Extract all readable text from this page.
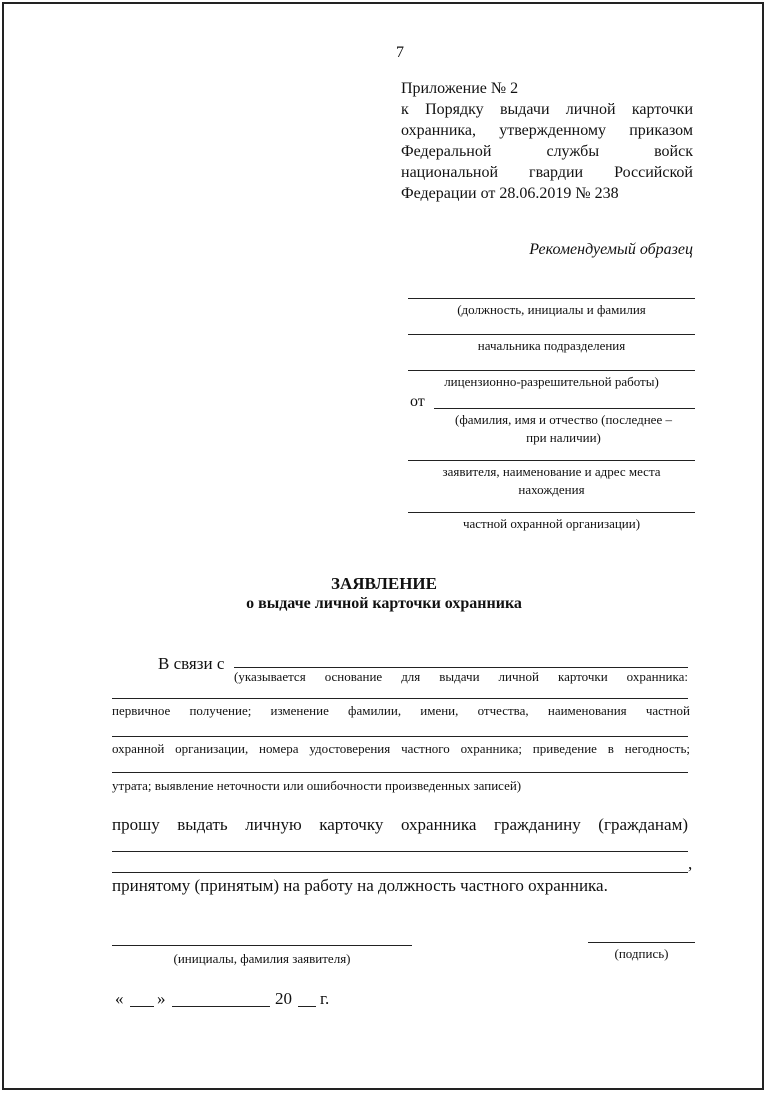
7
Приложение № 2
к Порядку выдачи личной карточки
охранника, утвержденному приказом
Федеральной службы войск
национальной гвардии Российской
Федерации от 28.06.2019 № 238
Рекомендуемый образец
(должность, инициалы и фамилия
начальника подразделения
лицензионно-разрешительной работы)
от
(фамилия, имя и отчество (последнее –
при наличии)
заявителя, наименование и адрес места
нахождения
частной охранной организации)
ЗАЯВЛЕНИЕ
о выдаче личной карточки охранника
В связи с
(указывается основание для выдачи личной карточки охранника:
первичное получение; изменение фамилии, имени, отчества, наименования частной
охранной организации, номера удостоверения частного охранника; приведение в негодность;
утрата; выявление неточности или ошибочности произведенных записей)
прошу выдать личную карточку охранника гражданину (гражданам)
,
принятому (принятым) на работу на должность частного охранника.
(инициалы, фамилия заявителя)	(подпись)
« »	20 г.
